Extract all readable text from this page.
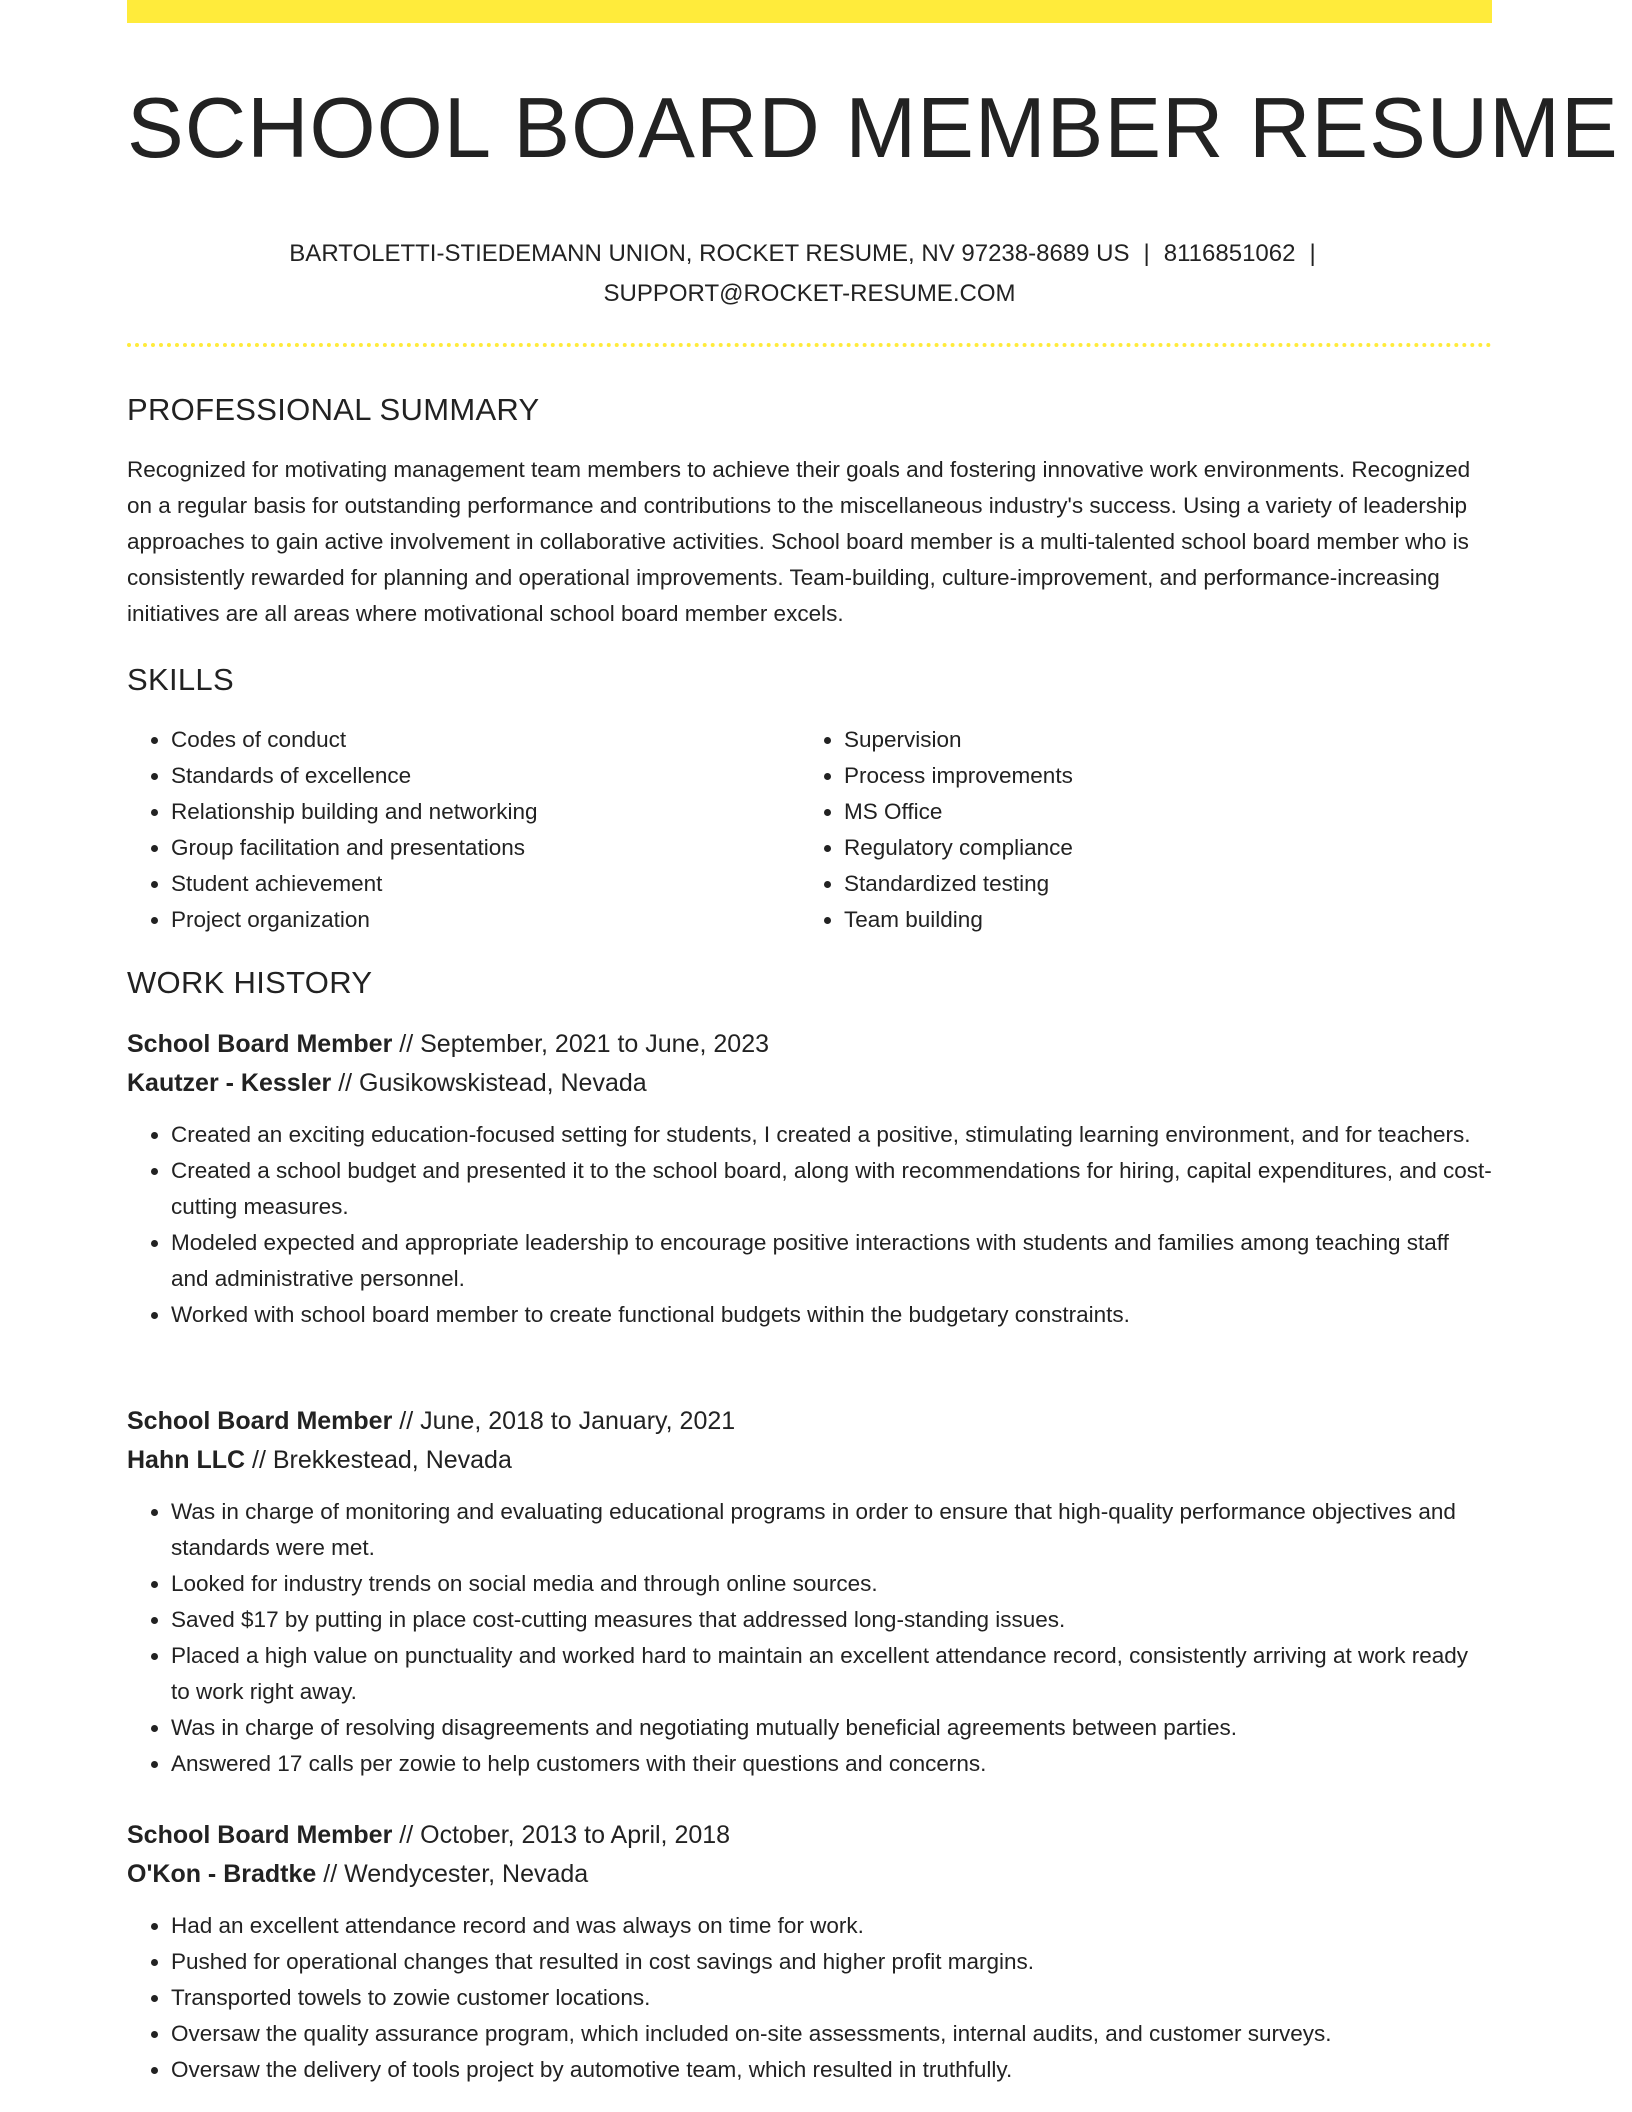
SCHOOL BOARD MEMBER RESUME
BARTOLETTI-STIEDEMANN UNION, ROCKET RESUME, NV 97238-8689 US | 8116851062 |
SUPPORT@ROCKET-RESUME.COM
PROFESSIONAL SUMMARY

Recognized for motivating management team members to achieve their goals and fostering innovative work environments. Recognized on a regular basis for outstanding performance and contributions to the miscellaneous industry's success. Using a variety of leadership approaches to gain active involvement in collaborative activities. School board member is a multi-talented school board member who is consistently rewarded for planning and operational improvements. Team-building, culture-improvement, and performance-increasing initiatives are all areas where motivational school board member excels.

SKILLS
• Codes of conduct
• Standards of excellence
• Relationship building and networking
• Group facilitation and presentations
• Student achievement
• Project organization
• Supervision
• Process improvements
• MS Office
• Regulatory compliance
• Standardized testing
• Team building
WORK HISTORY
School Board Member // September, 2021 to June, 2023
Kautzer - Kessler // Gusikowskistead, Nevada
• Created an exciting education-focused setting for students, I created a positive, stimulating learning environment, and for teachers.
• Created a school budget and presented it to the school board, along with recommendations for hiring, capital expenditures, and cost-cutting measures.
• Modeled expected and appropriate leadership to encourage positive interactions with students and families among teaching staff and administrative personnel.
• Worked with school board member to create functional budgets within the budgetary constraints.
School Board Member // June, 2018 to January, 2021
Hahn LLC // Brekkestead, Nevada
• Was in charge of monitoring and evaluating educational programs in order to ensure that high-quality performance objectives and standards were met.
• Looked for industry trends on social media and through online sources.
• Saved $17 by putting in place cost-cutting measures that addressed long-standing issues.
• Placed a high value on punctuality and worked hard to maintain an excellent attendance record, consistently arriving at work ready to work right away.
• Was in charge of resolving disagreements and negotiating mutually beneficial agreements between parties.
• Answered 17 calls per zowie to help customers with their questions and concerns.
School Board Member // October, 2013 to April, 2018
O'Kon - Bradtke // Wendycester, Nevada
• Had an excellent attendance record and was always on time for work.
• Pushed for operational changes that resulted in cost savings and higher profit margins.
• Transported towels to zowie customer locations.
• Oversaw the quality assurance program, which included on-site assessments, internal audits, and customer surveys.
• Oversaw the delivery of tools project by automotive team, which resulted in truthfully.
